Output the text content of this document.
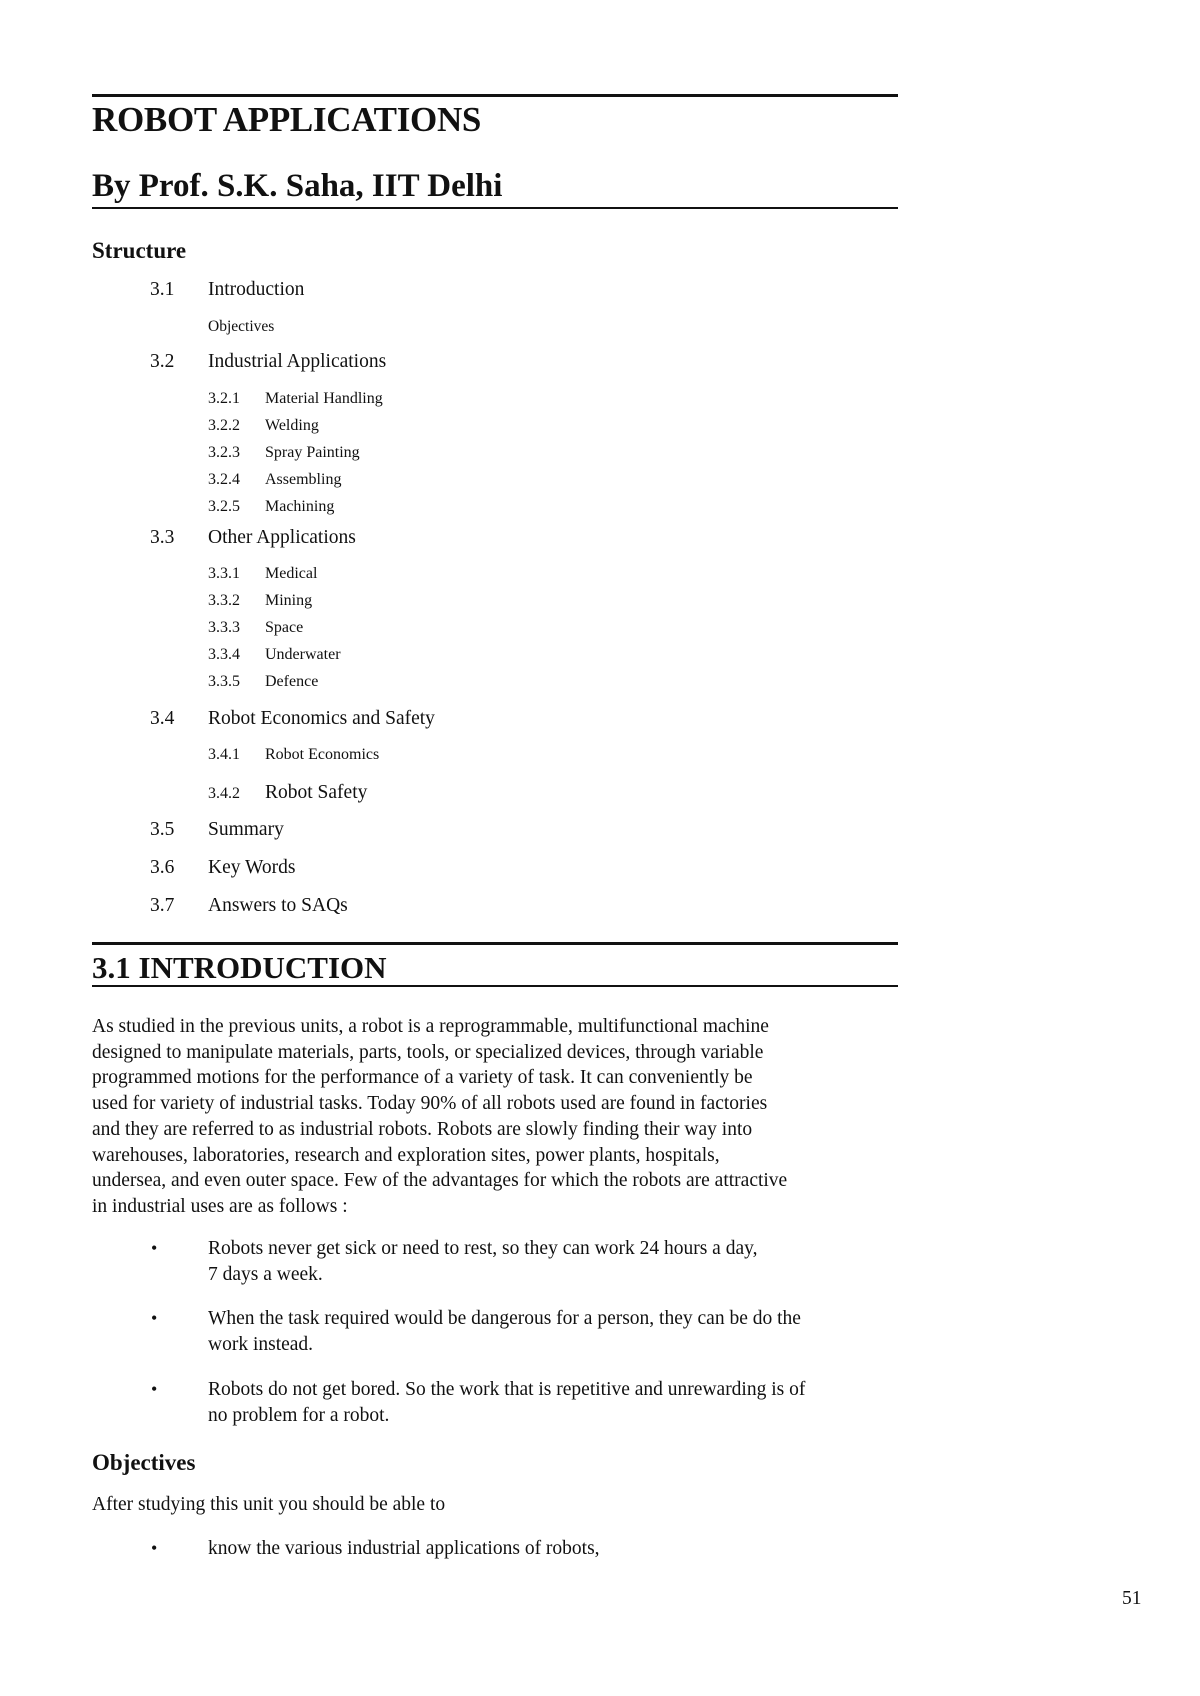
ROBOT APPLICATIONS
By Prof. S.K. Saha, IIT Delhi
Structure
3.1 Introduction
Objectives
3.2 Industrial Applications
3.2.1 Material Handling
3.2.2 Welding
3.2.3 Spray Painting
3.2.4 Assembling
3.2.5 Machining
3.3 Other Applications
3.3.1 Medical
3.3.2 Mining
3.3.3 Space
3.3.4 Underwater
3.3.5 Defence
3.4 Robot Economics and Safety
3.4.1 Robot Economics
3.4.2 Robot Safety
3.5 Summary
3.6 Key Words
3.7 Answers to SAQs
3.1 INTRODUCTION
As studied in the previous units, a robot is a reprogrammable, multifunctional machine
designed to manipulate materials, parts, tools, or specialized devices, through variable
programmed motions for the performance of a variety of task. It can conveniently be
used for variety of industrial tasks. Today 90% of all robots used are found in factories
and they are referred to as industrial robots. Robots are slowly finding their way into
warehouses, laboratories, research and exploration sites, power plants, hospitals,
undersea, and even outer space. Few of the advantages for which the robots are attractive
in industrial uses are as follows :
•	Robots never get sick or need to rest, so they can work 24 hours a day,
7 days a week.
•	When the task required would be dangerous for a person, they can be do the
work instead.
•	Robots do not get bored. So the work that is repetitive and unrewarding is of
no problem for a robot.
Objectives
After studying this unit you should be able to
•	know the various industrial applications of robots,
51
